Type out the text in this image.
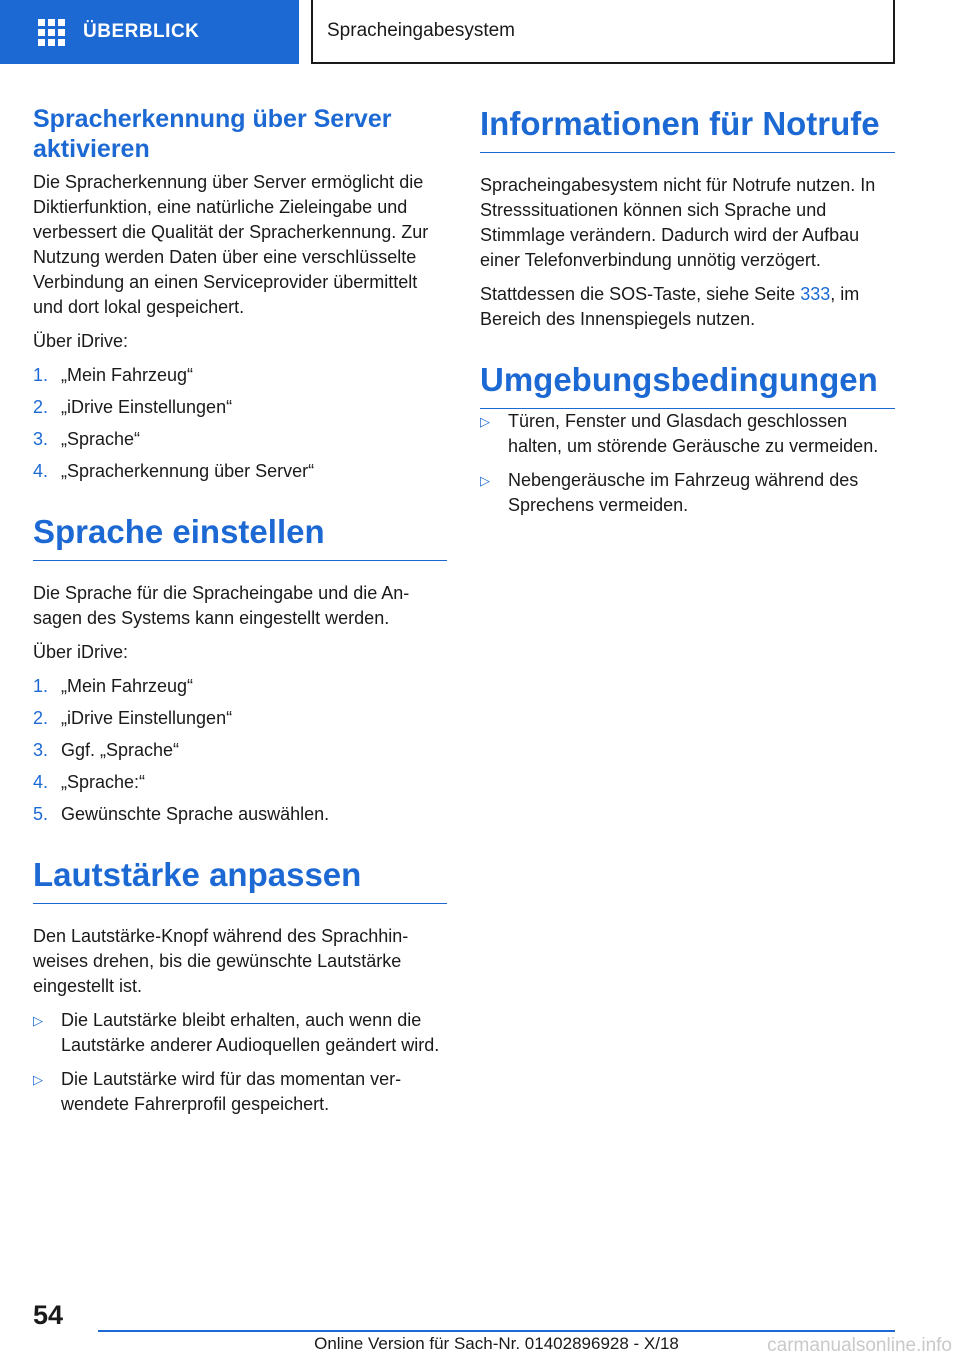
ÜBERBLICK	Spracheingabesystem
Spracherkennung über Server aktivieren

Die Spracherkennung über Server ermöglicht die Diktierfunktion, eine natürliche Zieleingabe und verbessert die Qualität der Spracherkennung. Zur Nutzung werden Daten über eine verschlüsselte Verbindung an einen Serviceprovider übermittelt und dort lokal gespeichert.

Über iDrive:

1. „Mein Fahrzeug“
2. „iDrive Einstellungen“
3. „Sprache“
4. „Spracherkennung über Server“
Sprache einstellen

Die Sprache für die Spracheingabe und die Ansagen des Systems kann eingestellt werden.

Über iDrive:

1. „Mein Fahrzeug“
2. „iDrive Einstellungen“
3. Ggf. „Sprache“
4. „Sprache:“
5. Gewünschte Sprache auswählen.
Lautstärke anpassen

Den Lautstärke-Knopf während des Sprachhinweises drehen, bis die gewünschte Lautstärke eingestellt ist.

▷	Die Lautstärke bleibt erhalten, auch wenn die Lautstärke anderer Audioquellen geändert wird.
▷	Die Lautstärke wird für das momentan verwendete Fahrerprofil gespeichert.
Informationen für Notrufe

Spracheingabesystem nicht für Notrufe nutzen. In Stresssituationen können sich Sprache und Stimmlage verändern. Dadurch wird der Aufbau einer Telefonverbindung unnötig verzögert.

Stattdessen die SOS-Taste, siehe Seite 333, im Bereich des Innenspiegels nutzen.

Umgebungsbedingungen
▷	Türen, Fenster und Glasdach geschlossen halten, um störende Geräusche zu vermeiden.
▷	Nebengeräusche im Fahrzeug während des Sprechens vermeiden.
54
Online Version für Sach-Nr. 01402896928 - X/18	carmanualsonline.info
